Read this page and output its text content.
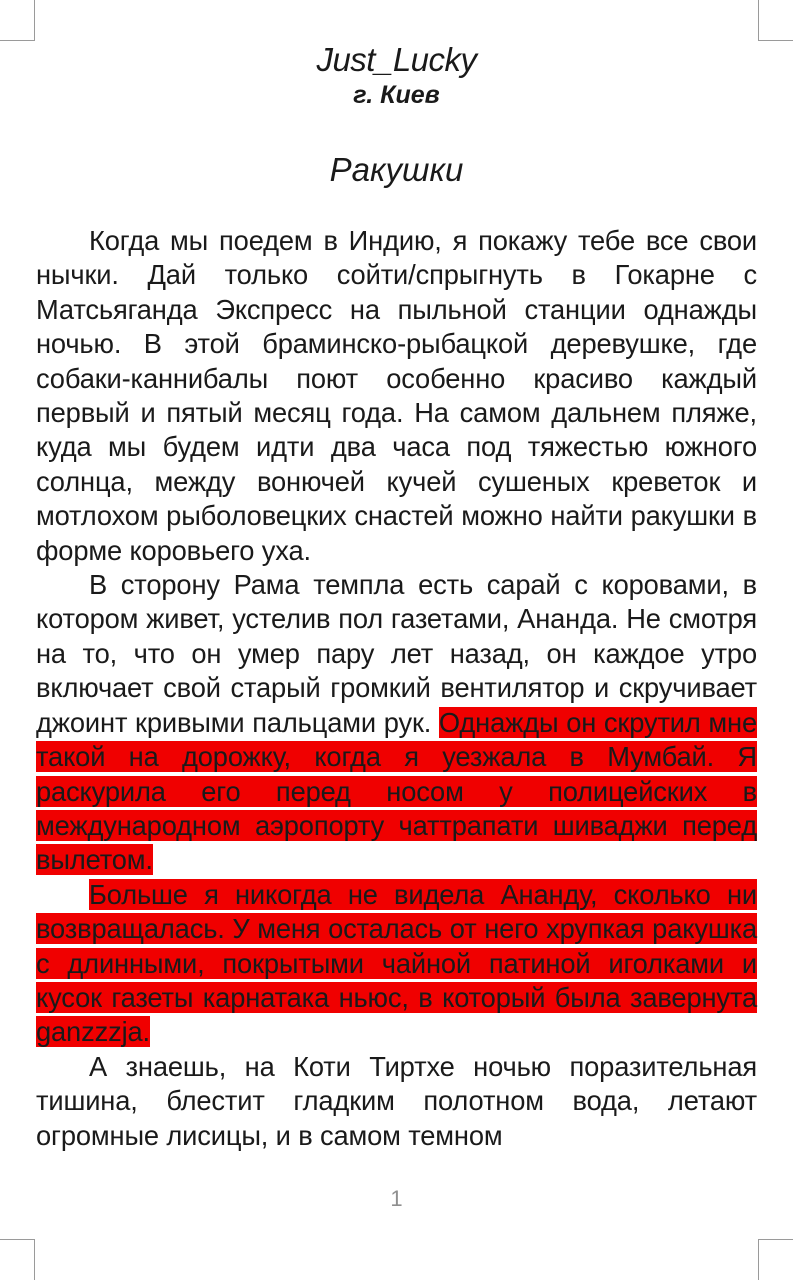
Just_Lucky

г. Киев

Ракушки

Когда мы поедем в Индию, я покажу тебе все свои нычки. Дай только сойти/спрыгнуть в Гокарне с Матсьяганда Экспресс на пыльной станции однажды ночью. В этой браминско-рыбацкой деревушке, где собаки-каннибалы поют особенно красиво каждый первый и пятый месяц года. На самом дальнем пляже, куда мы будем идти два часа под тяжестью южного солнца, между вонючей кучей сушеных креветок и мотлохом рыболовецких снастей можно найти ракушки в форме коровьего уха.

В сторону Рама темпла есть сарай с коровами, в котором живет, устелив пол газетами, Ананда. Не смотря на то, что он умер пару лет назад, он каждое утро включает свой старый громкий вентилятор и скручивает джоинт кривыми пальцами рук. Однажды он скрутил мне такой на дорожку, когда я уезжала в Мумбай. Я раскурила его перед носом у полицейских в международном аэропорту чаттрапати шиваджи перед вылетом.

Больше я никогда не видела Ананду, сколько ни возвращалась. У меня осталась от него хрупкая ракушка с длинными, покрытыми чайной патиной иголками и кусок газеты карнатака ньюс, в который была завернута ganzzzja.

А знаешь, на Коти Тиртхе ночью поразительная тишина, блестит гладким полотном вода, летают огромные лисицы, и в самом темном

1
